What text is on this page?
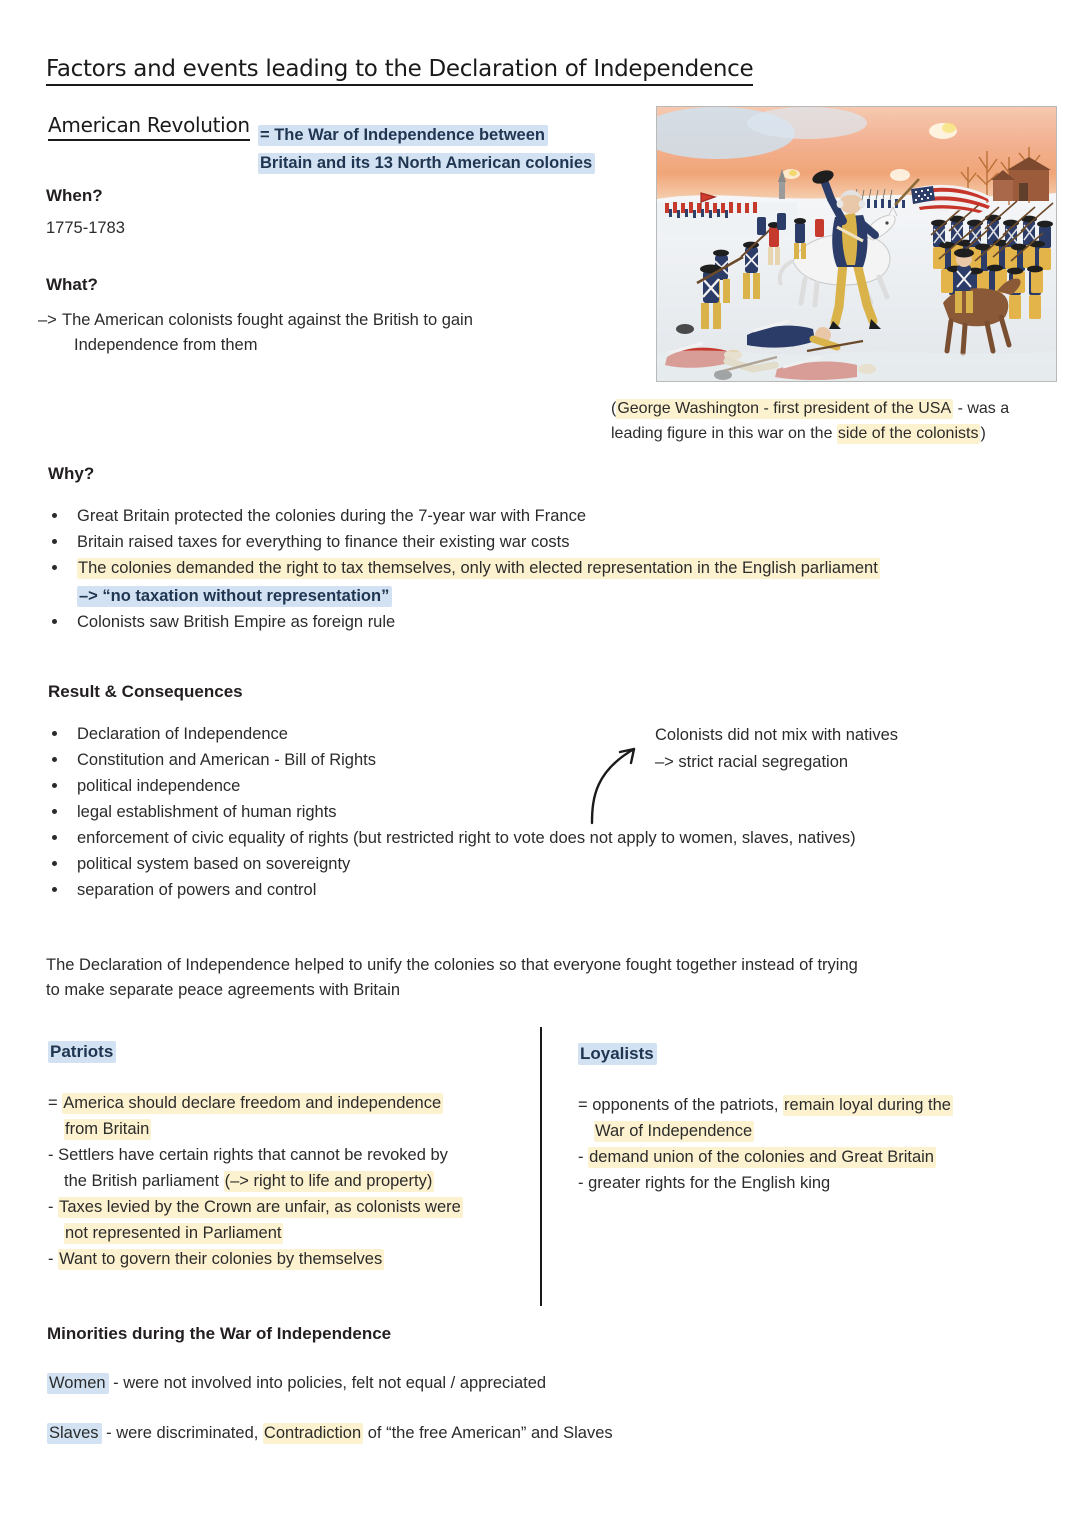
Factors and events leading to the Declaration of Independence
American Revolution = The War of Independence between
Britain and its 13 North American colonies
When?
1775-1783
What?
–> The American colonists fought against the British to gain
Independence from them
(George Washington - first president of the USA - was a
leading figure in this war on the side of the colonists )
Why?
Great Britain protected the colonies during the 7-year war with France
Britain raised taxes for everything to finance their existing war costs
The colonies demanded the right to tax themselves, only with elected representation in the English parliament
–> “no taxation without representation”
Colonists saw British Empire as foreign rule
Result & Consequences
Declaration of Independence
Constitution and American - Bill of Rights
political independence
legal establishment of human rights
enforcement of civic equality of rights (but restricted right to vote does not apply to women, slaves, natives)
political system based on sovereignty
separation of powers and control
Colonists did not mix with natives
–> strict racial segregation
The Declaration of Independence helped to unify the colonies so that everyone fought together instead of trying
to make separate peace agreements with Britain
Patriots
= America should declare freedom and independence
from Britain
- Settlers have certain rights that cannot be revoked by
the British parliament (–> right to life and property)
- Taxes levied by the Crown are unfair, as colonists were
not represented in Parliament
- Want to govern their colonies by themselves
Loyalists
= opponents of the patriots, remain loyal during the
War of Independence
- demand union of the colonies and Great Britain
- greater rights for the English king
Minorities during the War of Independence
Women - were not involved into policies, felt not equal / appreciated
Slaves - were discriminated, Contradiction of “the free American” and Slaves
